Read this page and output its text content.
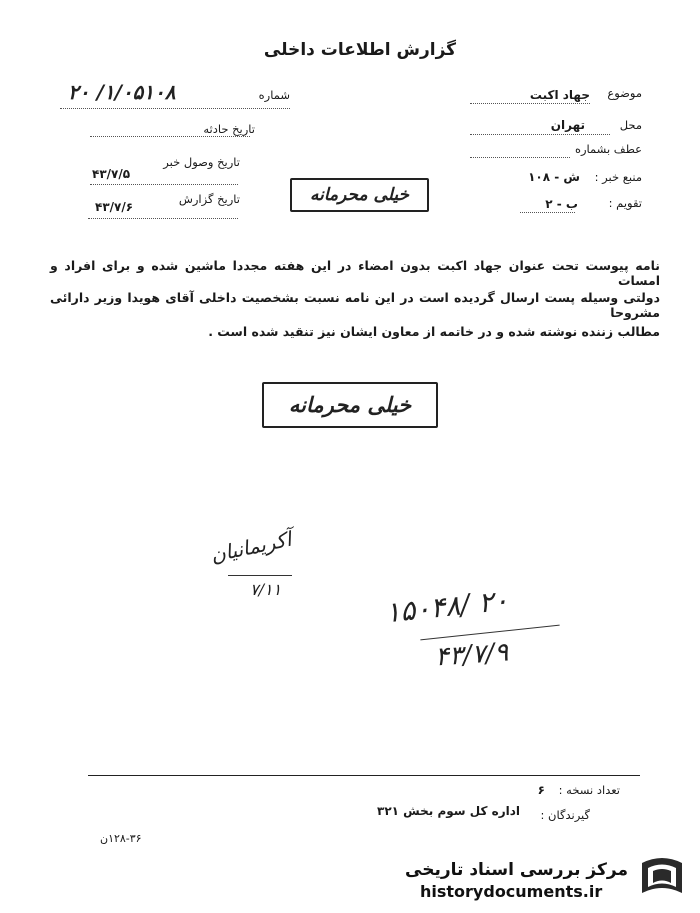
گزارش اطلاعات داخلی
شماره
۱/۰۵۱۰۸/ ۲۰
تاریخ حادثه
تاریخ وصول خبر
۴۳/۷/۵
تاریخ گزارش
۴۳/۷/۶
موضوع
جهاد اکبت
محل
تهران
عطف بشماره
منبع خبر :
ش - ۱۰۸
تقویم :
ب - ۲
خیلی محرمانه
نامه پیوست تحت عنوان جهاد اکبت بدون امضاء در این هفته مجددا ماشین شده و برای افراد و امسات
دولتی وسیله پست ارسال گردیده است در این نامه نسبت بشخصیت داخلی آقای هویدا وزیر دارائی مشروحا
مطالب زننده نوشته شده و در خاتمه از معاون ایشان نیز تنقید شده است .
خیلی محرمانه
آکریمانیان
۷/۱۱	۱۵۰۴۸/ ۲۰
۴۳/۷/۹
تعداد نسخه :
۶
گیرندگان :
اداره کل سوم بخش ۳۲۱
۱۲۸-۳۶ن
مرکز بررسی اسناد تاریخی
historydocuments.ir
